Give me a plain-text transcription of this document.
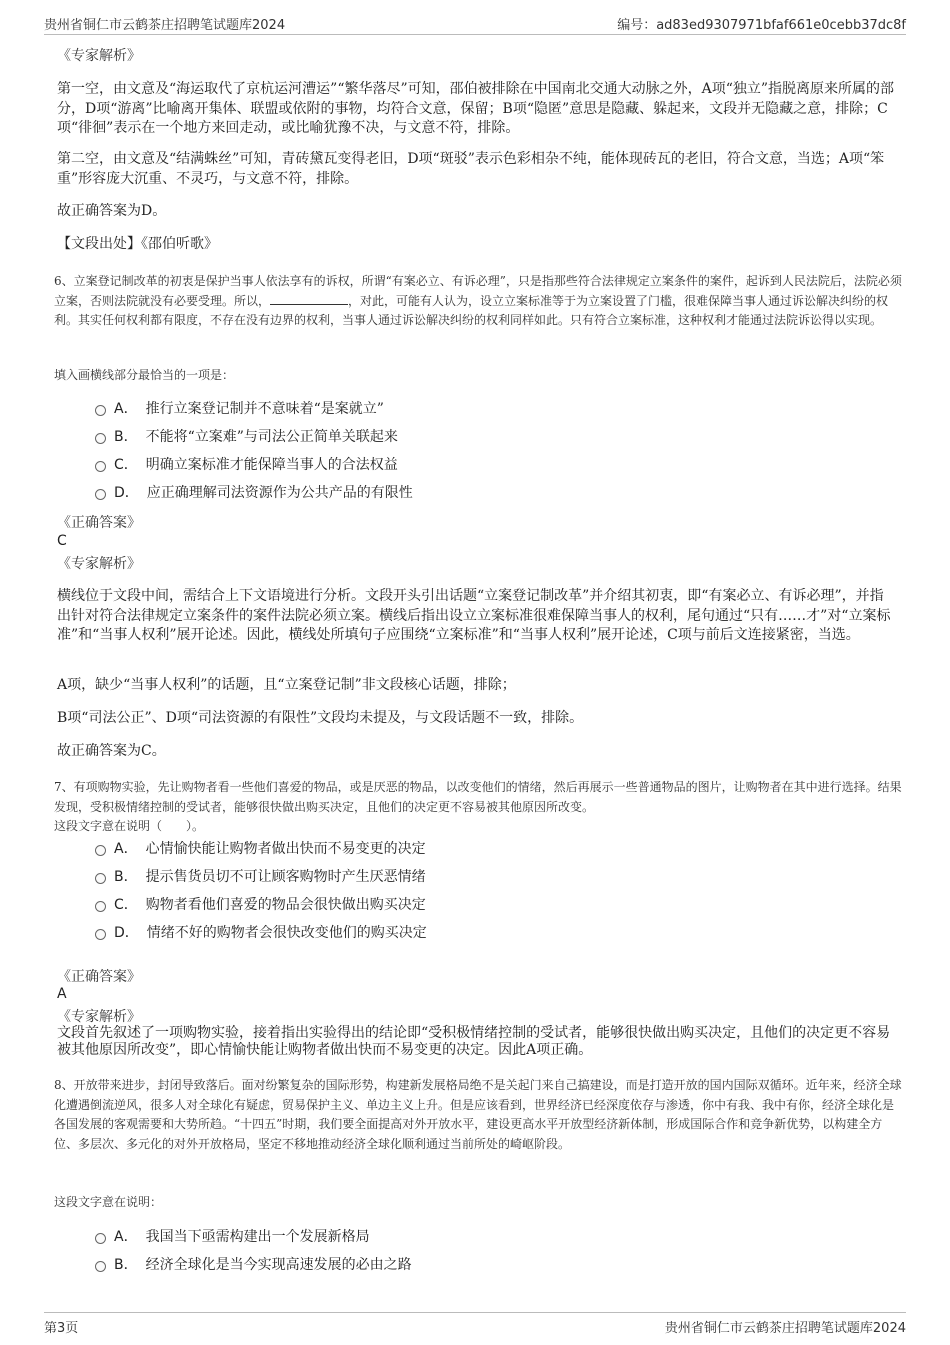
贵州省铜仁市云鹤茶庄招聘笔试题库2024	编号：ad83ed9307971bfaf661e0cebb37dc8f
《专家解析》

第一空，由文意及“海运取代了京杭运河漕运”“繁华落尽”可知，邵伯被排除在中国南北交通大动脉之外，A项“独立”指脱离原来所属的部分，D项“游离”比喻离开集体、联盟或依附的事物，均符合文意，保留；B项“隐匿”意思是隐藏、躲起来，文段并无隐藏之意，排除；C项“徘徊”表示在一个地方来回走动，或比喻犹豫不决，与文意不符，排除。

第二空，由文意及“结满蛛丝”可知，青砖黛瓦变得老旧，D项“斑驳”表示色彩相杂不纯，能体现砖瓦的老旧，符合文意，当选；A项“笨重”形容庞大沉重、不灵巧，与文意不符，排除。

故正确答案为D。
【文段出处】《邵伯听歌》

6、立案登记制改革的初衷是保护当事人依法享有的诉权，所谓“有案必立、有诉必理”，只是指那些符合法律规定立案条件的案件，起诉到人民法院后，法院必须立案，否则法院就没有必要受理。所以，	，对此，可能有人认为，设立立案标准等于为立案设置了门槛，很难保障当事人通过诉讼解决纠纷的权利。其实任何权利都有限度，不存在没有边界的权利，当事人通过诉讼解决纠纷的权利同样如此。只有符合立案标准，这种权利才能通过法院诉讼得以实现。

填入画横线部分最恰当的一项是：
A． 推行立案登记制并不意味着“是案就立”
B． 不能将“立案难”与司法公正简单关联起来
C． 明确立案标准才能保障当事人的合法权益
D． 应正确理解司法资源作为公共产品的有限性
《正确答案》
C
《专家解析》

横线位于文段中间，需结合上下文语境进行分析。文段开头引出话题“立案登记制改革”并介绍其初衷，即“有案必立、有诉必理”，并指出针对符合法律规定立案条件的案件法院必须立案。横线后指出设立立案标准很难保障当事人的权利，尾句通过“只有……才”对“立案标准”和“当事人权利”展开论述。因此，横线处所填句子应围绕“立案标准”和“当事人权利”展开论述，C项与前后文连接紧密，当选。

A项，缺少“当事人权利”的话题，且“立案登记制”非文段核心话题，排除；
B项“司法公正”、D项“司法资源的有限性”文段均未提及，与文段话题不一致，排除。
故正确答案为C。

7、有项购物实验，先让购物者看一些他们喜爱的物品，或是厌恶的物品，以改变他们的情绪，然后再展示一些普通物品的图片，让购物者在其中进行选择。结果发现，受积极情绪控制的受试者，能够很快做出购买决定，且他们的决定更不容易被其他原因所改变。

这段文字意在说明（　　）。
A． 心情愉快能让购物者做出快而不易变更的决定
B． 提示售货员切不可让顾客购物时产生厌恶情绪
C． 购物者看他们喜爱的物品会很快做出购买决定
D． 情绪不好的购物者会很快改变他们的购买决定
《正确答案》
A
《专家解析》

文段首先叙述了一项购物实验，接着指出实验得出的结论即“受积极情绪控制的受试者，能够很快做出购买决定，且他们的决定更不容易被其他原因所改变”，即心情愉快能让购物者做出快而不易变更的决定。因此A项正确。

8、开放带来进步，封闭导致落后。面对纷繁复杂的国际形势，构建新发展格局绝不是关起门来自己搞建设，而是打造开放的国内国际双循环。近年来，经济全球化遭遇倒流逆风，很多人对全球化有疑虑，贸易保护主义、单边主义上升。但是应该看到，世界经济已经深度依存与渗透，你中有我、我中有你，经济全球化是各国发展的客观需要和大势所趋。“十四五”时期，我们要全面提高对外开放水平，建设更高水平开放型经济新体制，形成国际合作和竞争新优势，以构建全方位、多层次、多元化的对外开放格局，坚定不移地推动经济全球化顺利通过当前所处的崎岖阶段。

这段文字意在说明：
A． 我国当下亟需构建出一个发展新格局
B． 经济全球化是当今实现高速发展的必由之路
第3页	贵州省铜仁市云鹤茶庄招聘笔试题库2024
